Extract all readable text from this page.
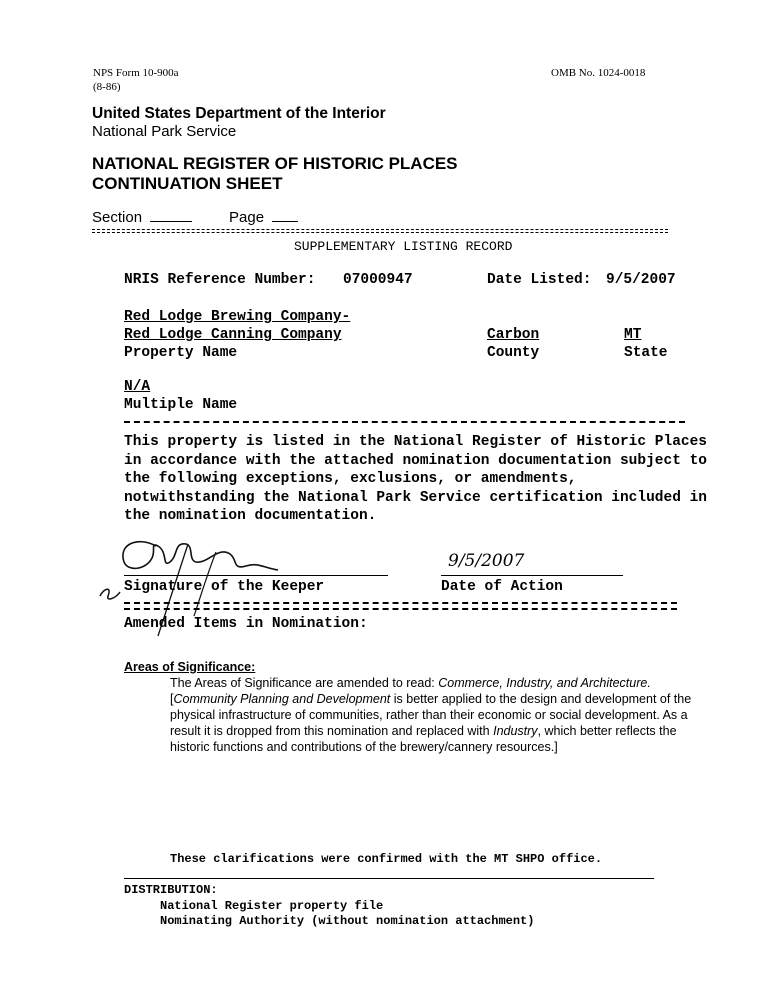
NPS Form 10-900a
(8-86)
OMB No. 1024-0018
United States Department of the Interior
National Park Service
NATIONAL REGISTER OF HISTORIC PLACES
CONTINUATION SHEET
Section	Page
SUPPLEMENTARY LISTING RECORD
NRIS Reference Number: 07000947	Date Listed: 9/5/2007
Red Lodge Brewing Company-
Red Lodge Canning Company
Property Name
Carbon
County
MT
State
N/A
Multiple Name
This property is listed in the National Register of Historic Places in accordance with the attached nomination documentation subject to the following exceptions, exclusions, or amendments, notwithstanding the National Park Service certification included in the nomination documentation.
Signature of the Keeper
9/5/2007
Date of Action
Amended Items in Nomination:
Areas of Significance:
The Areas of Significance are amended to read: Commerce, Industry, and Architecture.
[Community Planning and Development is better applied to the design and development of the physical infrastructure of communities, rather than their economic or social development. As a result it is dropped from this nomination and replaced with Industry, which better reflects the historic functions and contributions of the brewery/cannery resources.]
These clarifications were confirmed with the MT SHPO office.
DISTRIBUTION:
National Register property file
Nominating Authority (without nomination attachment)
